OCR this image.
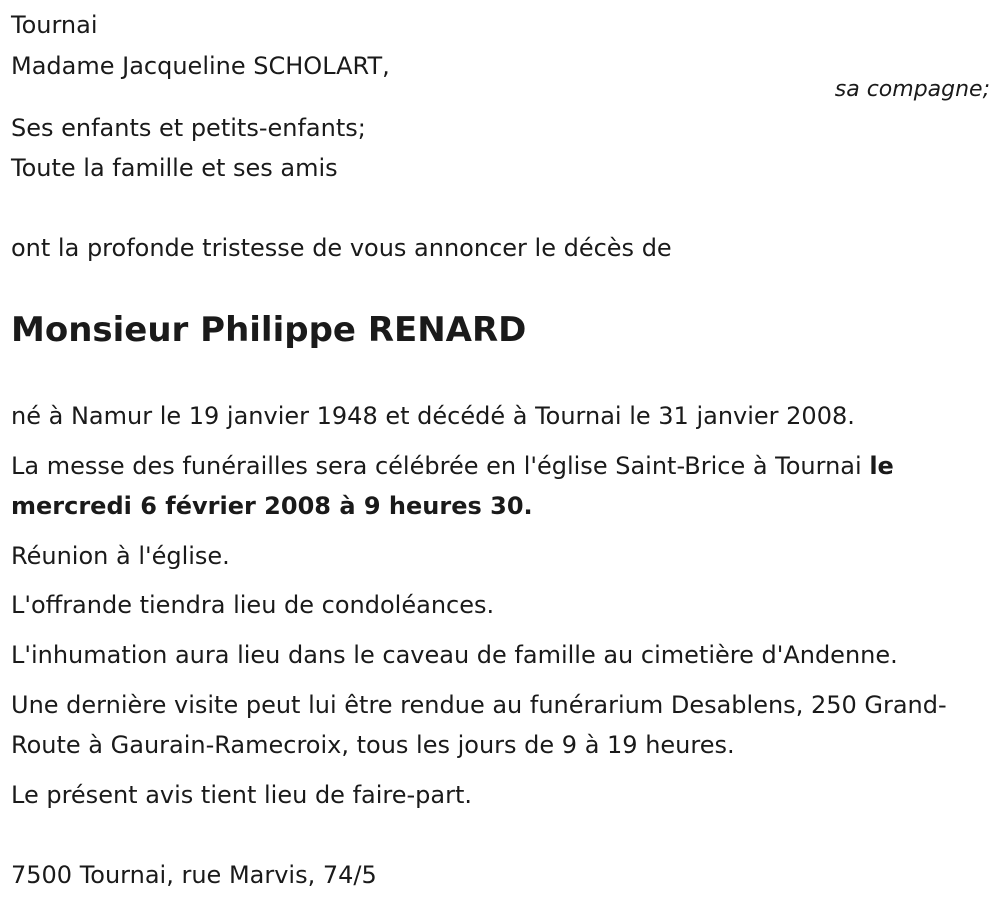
Tournai
Madame Jacqueline SCHOLART,
sa compagne;
Ses enfants et petits-enfants;
Toute la famille et ses amis
ont la profonde tristesse de vous annoncer le décès de
Monsieur Philippe RENARD
né à Namur le 19 janvier 1948 et décédé à Tournai le 31 janvier 2008.
La messe des funérailles sera célébrée en l'église Saint-Brice à Tournai le mercredi 6 février 2008 à 9 heures 30.
Réunion à l'église.
L'offrande tiendra lieu de condoléances.
L'inhumation aura lieu dans le caveau de famille au cimetière d'Andenne.
Une dernière visite peut lui être rendue au funérarium Desablens, 250 Grand-Route à Gaurain-Ramecroix, tous les jours de 9 à 19 heures.
Le présent avis tient lieu de faire-part.
7500 Tournai, rue Marvis, 74/5
